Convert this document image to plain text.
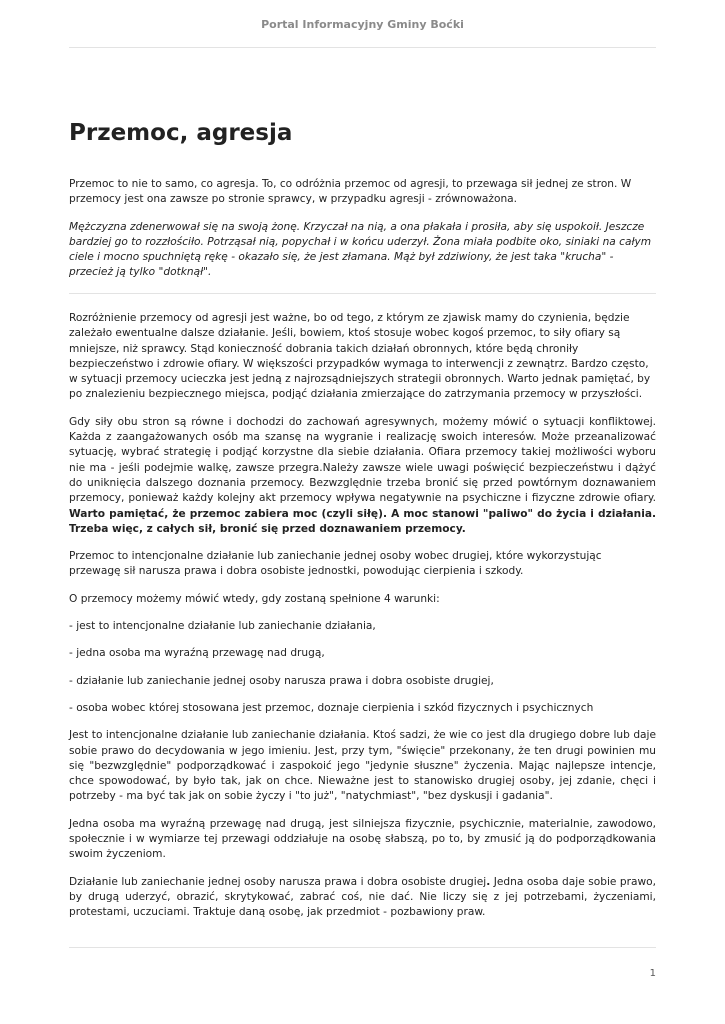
Portal Informacyjny Gminy Boćki
Przemoc, agresja

Przemoc to nie to samo, co agresja. To, co odróżnia przemoc od agresji, to przewaga sił jednej ze stron. W przemocy jest ona zawsze po stronie sprawcy, w przypadku agresji - zrównoważona.

Mężczyzna zdenerwował się na swoją żonę. Krzyczał na nią, a ona płakała i prosiła, aby się uspokoił. Jeszcze bardziej go to rozzłościło. Potrząsał nią, popychał i w końcu uderzył. Żona miała podbite oko, siniaki na całym ciele i mocno spuchniętą rękę - okazało się, że jest złamana. Mąż był zdziwiony, że jest taka "krucha" - przecież ją tylko "dotknął".

Rozróżnienie przemocy od agresji jest ważne, bo od tego, z którym ze zjawisk mamy do czynienia, będzie zależało ewentualne dalsze działanie. Jeśli, bowiem, ktoś stosuje wobec kogoś przemoc, to siły ofiary są mniejsze, niż sprawcy. Stąd konieczność dobrania takich działań obronnych, które będą chroniły bezpieczeństwo i zdrowie ofiary. W większości przypadków wymaga to interwencji z zewnątrz. Bardzo często, w sytuacji przemocy ucieczka jest jedną z najrozsądniejszych strategii obronnych. Warto jednak pamiętać, by po znalezieniu bezpiecznego miejsca, podjąć działania zmierzające do zatrzymania przemocy w przyszłości.

Gdy siły obu stron są równe i dochodzi do zachowań agresywnych, możemy mówić o sytuacji konfliktowej. Każda z zaangażowanych osób ma szansę na wygranie i realizację swoich interesów. Może przeanalizować sytuację, wybrać strategię i podjąć korzystne dla siebie działania. Ofiara przemocy takiej możliwości wyboru nie ma - jeśli podejmie walkę, zawsze przegra.Należy zawsze wiele uwagi poświęcić bezpieczeństwu i dążyć do uniknięcia dalszego doznania przemocy. Bezwzględnie trzeba bronić się przed powtórnym doznawaniem przemocy, ponieważ każdy kolejny akt przemocy wpływa negatywnie na psychiczne i fizyczne zdrowie ofiary. Warto pamiętać, że przemoc zabiera moc (czyli siłę). A moc stanowi "paliwo" do życia i działania. Trzeba więc, z całych sił, bronić się przed doznawaniem przemocy.

Przemoc to intencjonalne działanie lub zaniechanie jednej osoby wobec drugiej, które wykorzystując przewagę sił narusza prawa i dobra osobiste jednostki, powodując cierpienia i szkody.

O przemocy możemy mówić wtedy, gdy zostaną spełnione 4 warunki:

- jest to intencjonalne działanie lub zaniechanie działania,

- jedna osoba ma wyraźną przewagę nad drugą,

- działanie lub zaniechanie jednej osoby narusza prawa i dobra osobiste drugiej,

- osoba wobec której stosowana jest przemoc, doznaje cierpienia i szkód fizycznych i psychicznych

Jest to intencjonalne działanie lub zaniechanie działania. Ktoś sadzi, że wie co jest dla drugiego dobre lub daje sobie prawo do decydowania w jego imieniu. Jest, przy tym, "święcie" przekonany, że ten drugi powinien mu się "bezwzględnie" podporządkować i zaspokoić jego "jedynie słuszne" życzenia. Mając najlepsze intencje, chce spowodować, by było tak, jak on chce. Nieważne jest to stanowisko drugiej osoby, jej zdanie, chęci i potrzeby - ma być tak jak on sobie życzy i "to już", "natychmiast", "bez dyskusji i gadania".

Jedna osoba ma wyraźną przewagę nad drugą, jest silniejsza fizycznie, psychicznie, materialnie, zawodowo, społecznie i w wymiarze tej przewagi oddziałuje na osobę słabszą, po to, by zmusić ją do podporządkowania swoim życzeniom.

Działanie lub zaniechanie jednej osoby narusza prawa i dobra osobiste drugiej. Jedna osoba daje sobie prawo, by drugą uderzyć, obrazić, skrytykować, zabrać coś, nie dać. Nie liczy się z jej potrzebami, życzeniami, protestami, uczuciami. Traktuje daną osobę, jak przedmiot - pozbawiony praw.

1
